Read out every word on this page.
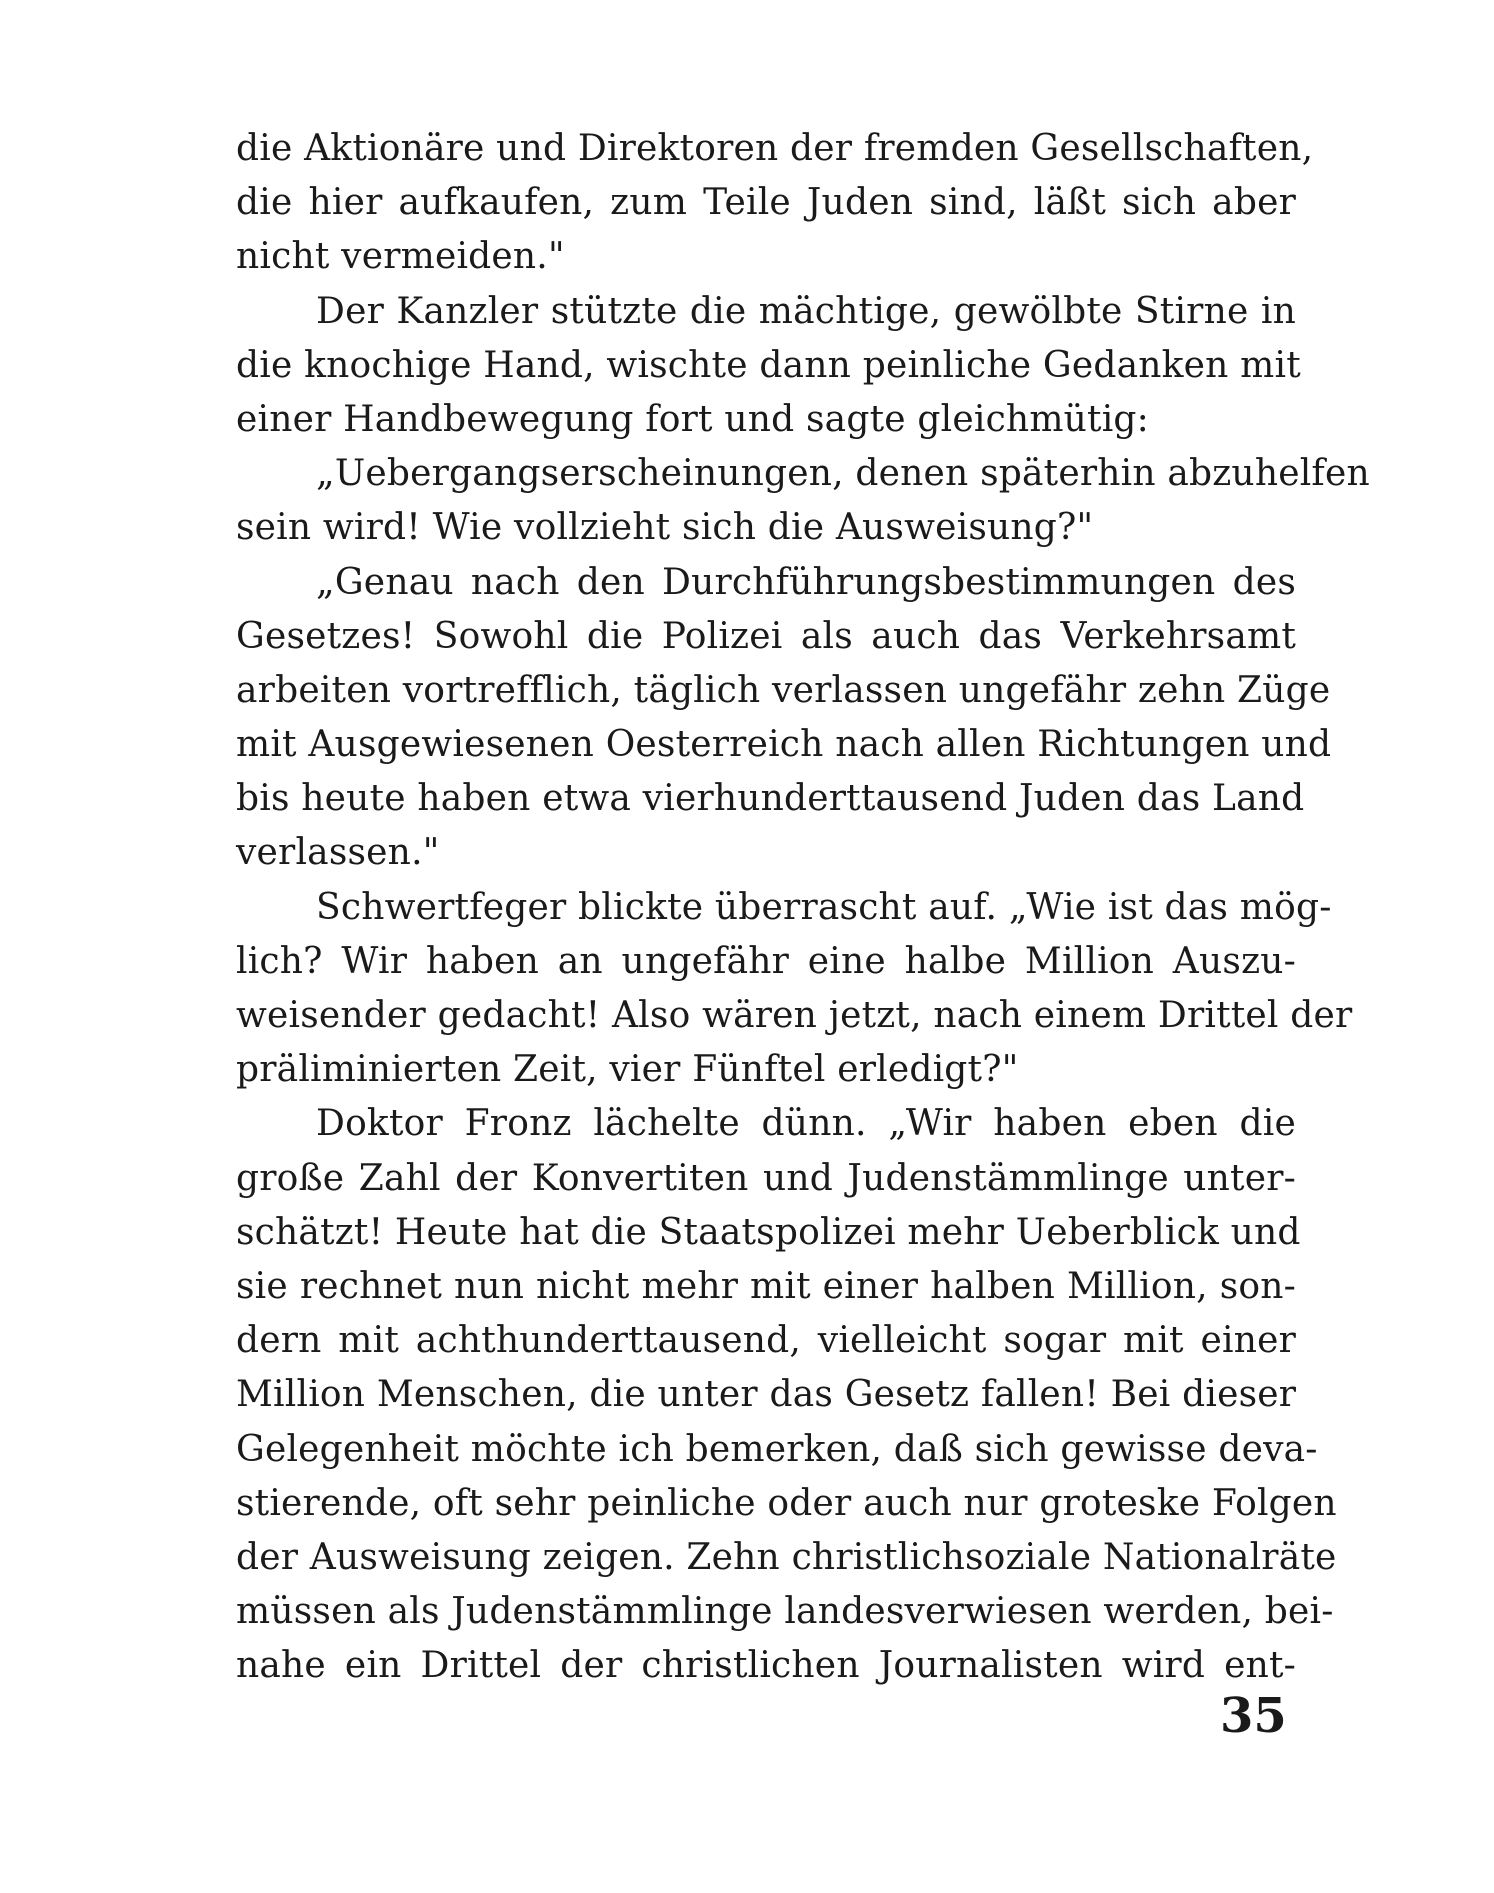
die Aktionäre und Direktoren der fremden Gesellschaften,
die hier aufkaufen, zum Teile Juden sind, läßt sich aber
nicht vermeiden."
Der Kanzler stützte die mächtige, gewölbte Stirne in
die knochige Hand, wischte dann peinliche Gedanken mit
einer Handbewegung fort und sagte gleichmütig:
„Uebergangserscheinungen, denen späterhin abzuhelfen
sein wird! Wie vollzieht sich die Ausweisung?"
„Genau nach den Durchführungsbestimmungen des
Gesetzes! Sowohl die Polizei als auch das Verkehrsamt
arbeiten vortrefflich, täglich verlassen ungefähr zehn Züge
mit Ausgewiesenen Oesterreich nach allen Richtungen und
bis heute haben etwa vierhunderttausend Juden das Land
verlassen."
Schwertfeger blickte überrascht auf. „Wie ist das mög-
lich? Wir haben an ungefähr eine halbe Million Auszu-
weisender gedacht! Also wären jetzt, nach einem Drittel der
präliminierten Zeit, vier Fünftel erledigt?"
Doktor Fronz lächelte dünn. „Wir haben eben die
große Zahl der Konvertiten und Judenstämmlinge unter-
schätzt! Heute hat die Staatspolizei mehr Ueberblick und
sie rechnet nun nicht mehr mit einer halben Million, son-
dern mit achthunderttausend, vielleicht sogar mit einer
Million Menschen, die unter das Gesetz fallen! Bei dieser
Gelegenheit möchte ich bemerken, daß sich gewisse deva-
stierende, oft sehr peinliche oder auch nur groteske Folgen
der Ausweisung zeigen. Zehn christlichsoziale Nationalräte
müssen als Judenstämmlinge landesverwiesen werden, bei-
nahe ein Drittel der christlichen Journalisten wird ent-
35
